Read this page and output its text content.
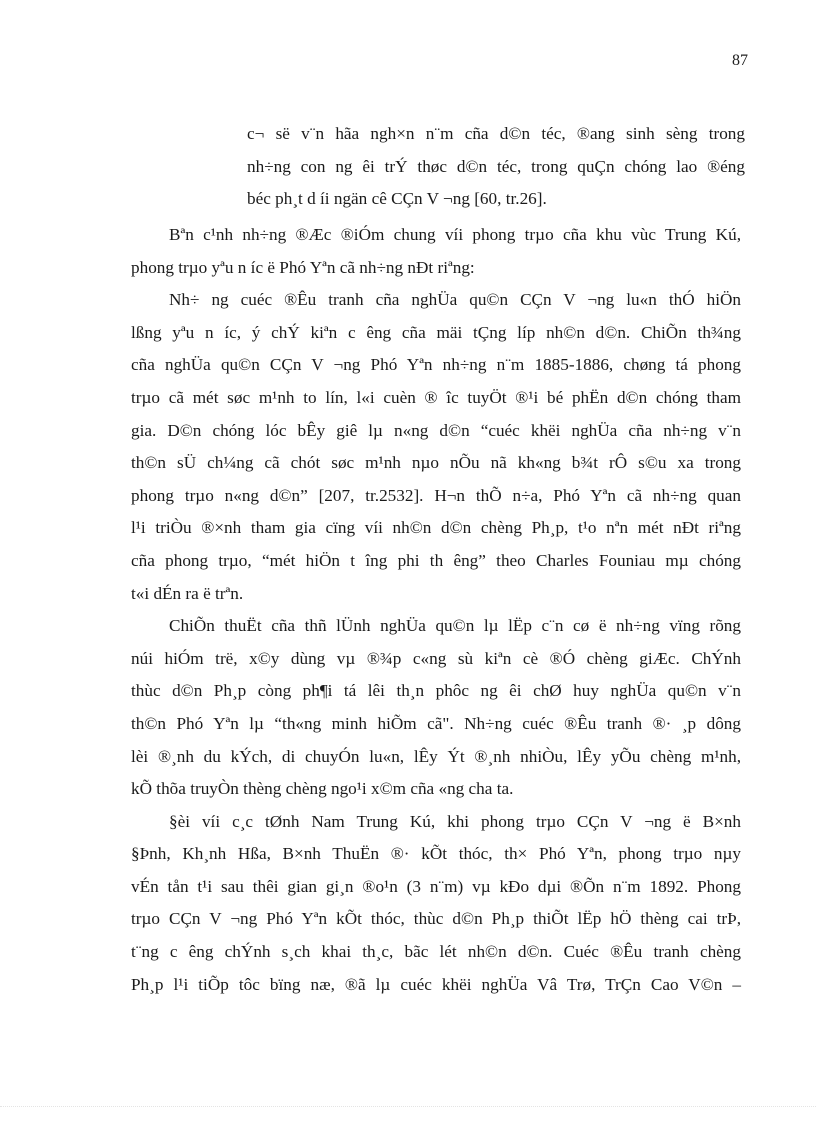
87
c¬ së v¨n hãa ngh×n n¨m cña d©n téc, ®ang sinh sèng trong
nh÷ng con ng êi trÝ thøc d©n téc, trong quÇn chóng lao ®éng
béc ph¸t d íi ngän cê CÇn V ¬ng [60, tr.26].
Bªn c¹nh nh÷ng ®Æc ®iÓm chung víi phong trµo cña khu vùc Trung Kú,
phong trµo yªu n íc ë Phó Yªn cã nh÷ng nÐt riªng:
Nh÷ ng cuéc ®Êu tranh cña nghÜa qu©n CÇn V ¬ng lu«n thÓ hiÖn
lßng yªu n íc, ý chÝ kiªn c êng cña mäi tÇng líp nh©n d©n. ChiÕn th¾ng
cña nghÜa qu©n CÇn V ¬ng Phó Yªn nh÷ng n¨m 1885-1886, chøng tá phong
trµo cã mét søc m¹nh to lín, l«i cuèn ® îc tuyÖt ®¹i bé phËn d©n chóng tham
gia. D©n chóng lóc bÊy giê lµ n«ng d©n “cuéc khëi nghÜa cña nh÷ng v¨n
th©n sÜ ch¼ng cã chót søc m¹nh nµo nÕu nã kh«ng b¾t rÔ s©u xa trong
phong trµo n«ng d©n” [207, tr.2532]. H¬n thÕ n÷a, Phó Yªn cã nh÷ng quan
l¹i triÒu ®×nh tham gia cïng víi nh©n d©n chèng Ph¸p, t¹o nªn mét nÐt riªng
cña phong trµo, “mét hiÖn t îng phi th êng” theo Charles Founiau mµ chóng
t«i dÉn ra ë trªn.
ChiÕn thuËt cña thñ lÜnh nghÜa qu©n lµ lËp c¨n cø ë nh÷ng vïng rõng
núi hiÓm trë, x©y dùng vµ ®¾p c«ng sù kiªn cè ®Ó chèng giÆc. ChÝnh
thùc d©n Ph¸p còng ph¶i tá lêi th¸n phôc ng êi chØ huy nghÜa qu©n v¨n
th©n Phó Yªn lµ “th«ng minh hiÕm cã". Nh÷ng cuéc ®Êu tranh ®· ¸p dông
lèi ®¸nh du kÝch, di chuyÓn lu«n, lÊy Ýt ®¸nh nhiÒu, lÊy yÕu chèng m¹nh,
kÕ thõa truyÒn thèng chèng ngo¹i x©m cña «ng cha ta.
§èi víi c¸c tØnh Nam Trung Kú, khi phong trµo CÇn V ¬ng ë B×nh
§Þnh, Kh¸nh Hßa, B×nh ThuËn ®· kÕt thóc, th× Phó Yªn, phong trµo nµy
vÉn tån t¹i sau thêi gian gi¸n ®o¹n (3 n¨m) vµ kÐo dµi ®Õn n¨m 1892. Phong
trµo CÇn V ¬ng Phó Yªn kÕt thóc, thùc d©n Ph¸p thiÕt lËp hÖ thèng cai trÞ,
t¨ng c êng chÝnh s¸ch khai th¸c, bãc lét nh©n d©n. Cuéc ®Êu tranh chèng
Ph¸p l¹i tiÕp tôc bïng næ, ®ã lµ cuéc khëi nghÜa Vâ Trø, TrÇn Cao V©n –
